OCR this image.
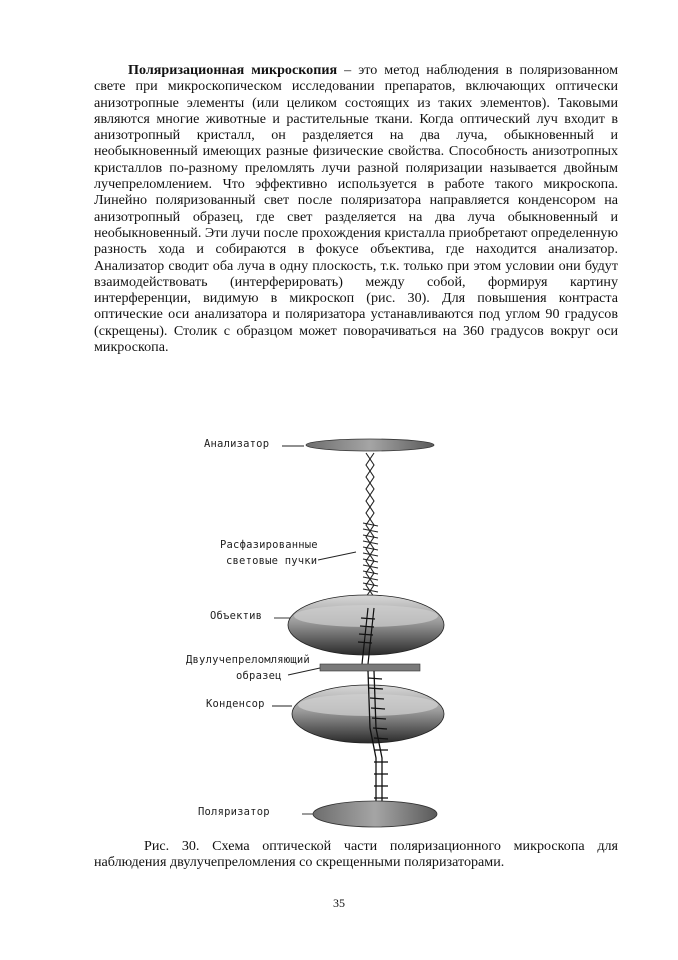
Поляризационная микроскопия – это метод наблюдения в поляризованном свете при микроскопическом исследовании препаратов, включающих оптически анизотропные элементы (или целиком состоящих из таких элементов). Таковыми являются многие животные и растительные ткани. Когда оптический луч входит в анизотропный кристалл, он разделяется на два луча, обыкновенный и необыкновенный имеющих разные физические свойства. Способность анизотропных кристаллов по-разному преломлять лучи разной поляризации называется двойным лучепреломлением. Что эффективно используется в работе такого микроскопа. Линейно поляризованный свет после поляризатора направляется конденсором на анизотропный образец, где свет разделяется на два луча обыкновенный и необыкновенный. Эти лучи после прохождения кристалла приобретают определенную разность хода и собираются в фокусе объектива, где находится анализатор. Анализатор сводит оба луча в одну плоскость, т.к. только при этом условии они будут взаимодействовать (интерферировать) между собой, формируя картину интерференции, видимую в микроскоп (рис. 30). Для повышения контраста оптические оси анализатора и поляризатора устанавливаются под углом 90 градусов (скрещены). Столик с образцом может поворачиваться на 360 градусов вокруг оси микроскопа.

Анализатор
Расфазированные
световые пучки
Объектив
Двулучепреломляющий
образец
Конденсор
Поляризатор

Рис. 30. Схема оптической части поляризационного микроскопа для наблюдения двулучепреломления со скрещенными поляризаторами.

35
